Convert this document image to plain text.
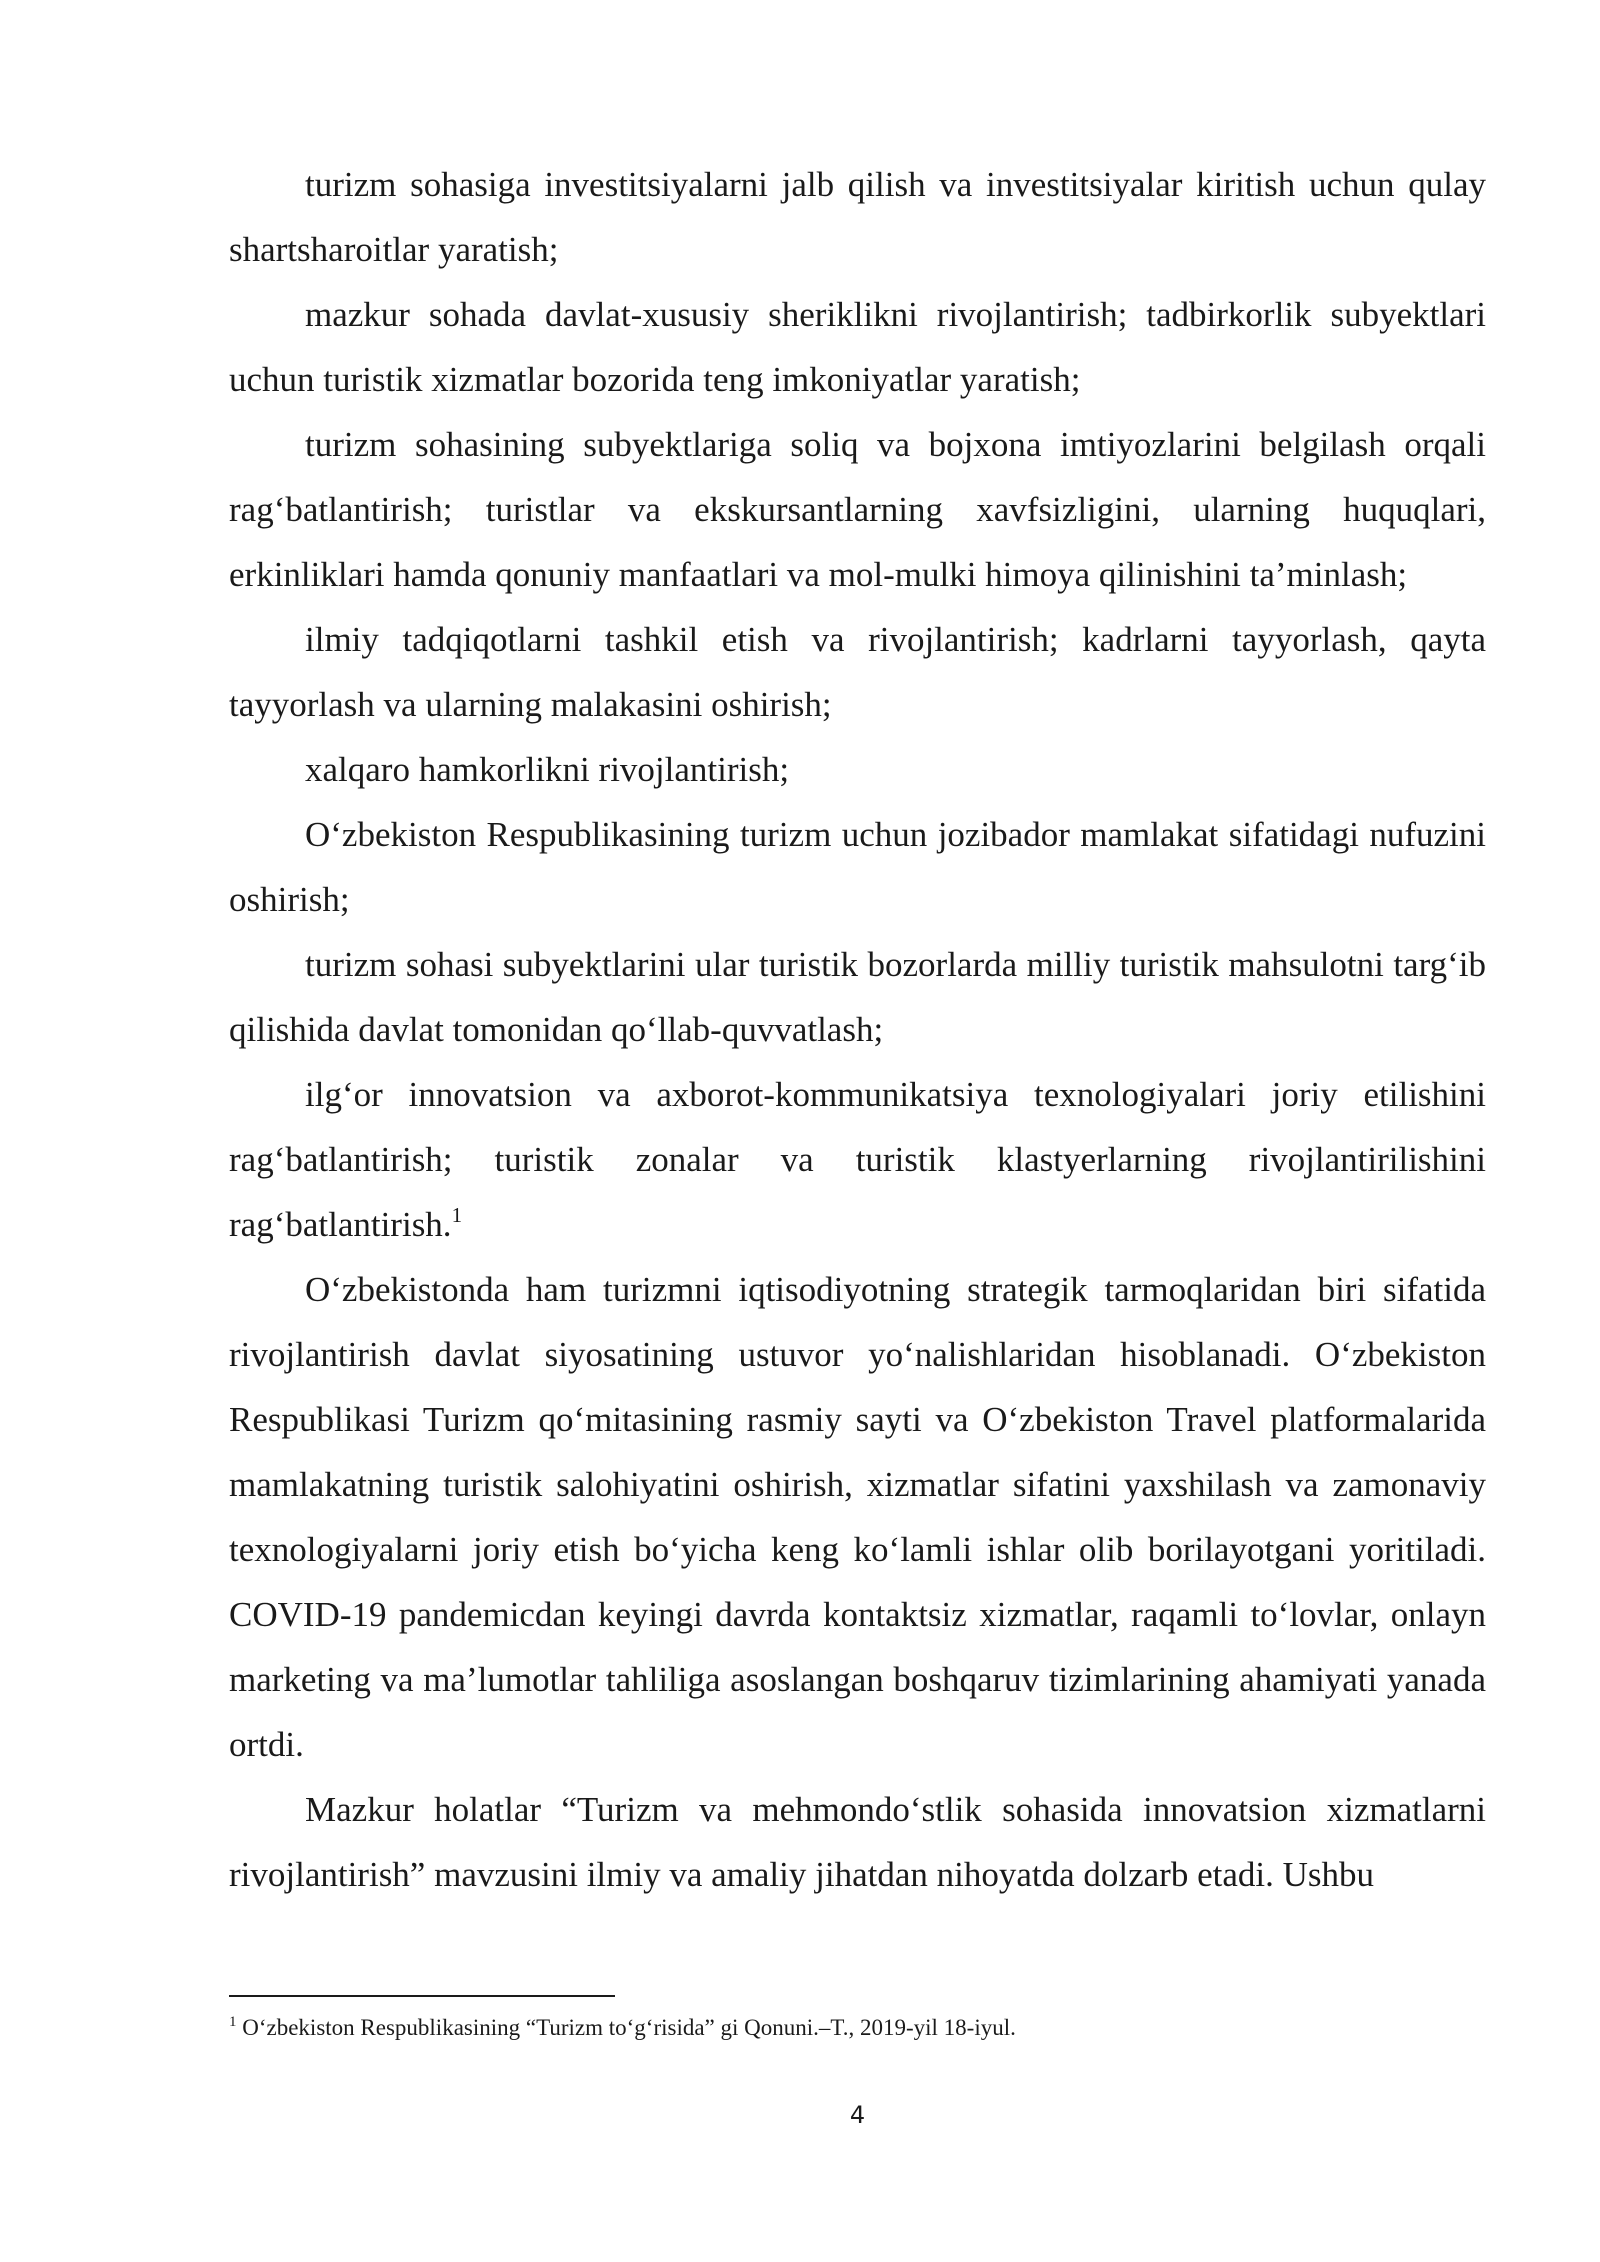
turizm sohasiga investitsiyalarni jalb qilish va investitsiyalar kiritish uchun qulay shartsharoitlar yaratish;

mazkur sohada davlat-xususiy sheriklikni rivojlantirish; tadbirkorlik subyektlari uchun turistik xizmatlar bozorida teng imkoniyatlar yaratish;

turizm sohasining subyektlariga soliq va bojxona imtiyozlarini belgilash orqali rag‘batlantirish; turistlar va ekskursantlarning xavfsizligini, ularning huquqlari, erkinliklari hamda qonuniy manfaatlari va mol-mulki himoya qilinishini ta’minlash;

ilmiy tadqiqotlarni tashkil etish va rivojlantirish; kadrlarni tayyorlash, qayta tayyorlash va ularning malakasini oshirish;

xalqaro hamkorlikni rivojlantirish;

O‘zbekiston Respublikasining turizm uchun jozibador mamlakat sifatidagi nufuzini oshirish;

turizm sohasi subyektlarini ular turistik bozorlarda milliy turistik mahsulotni targ‘ib qilishida davlat tomonidan qo‘llab-quvvatlash;

ilg‘or innovatsion va axborot-kommunikatsiya texnologiyalari joriy etilishini rag‘batlantirish; turistik zonalar va turistik klastyerlarning rivojlantirilishini rag‘batlantirish.$^1$

O‘zbekistonda ham turizmni iqtisodiyotning strategik tarmoqlaridan biri sifatida rivojlantirish davlat siyosatining ustuvor yo‘nalishlaridan hisoblanadi. O‘zbekiston Respublikasi Turizm qo‘mitasining rasmiy sayti va O‘zbekiston Travel platformalarida mamlakatning turistik salohiyatini oshirish, xizmatlar sifatini yaxshilash va zamonaviy texnologiyalarni joriy etish bo‘yicha keng ko‘lamli ishlar olib borilayotgani yoritiladi. COVID-19 pandemicdan keyingi davrda kontaktsiz xizmatlar, raqamli to‘lovlar, onlayn marketing va ma’lumotlar tahliliga asoslangan boshqaruv tizimlarining ahamiyati yanada ortdi.

Mazkur holatlar “Turizm va mehmondo‘stlik sohasida innovatsion xizmatlarni rivojlantirish” mavzusini ilmiy va amaliy jihatdan nihoyatda dolzarb etadi. Ushbu

$^1$ O‘zbekiston Respublikasining “Turizm to‘g‘risida” gi Qonuni.–T., 2019-yil 18-iyul.
4
